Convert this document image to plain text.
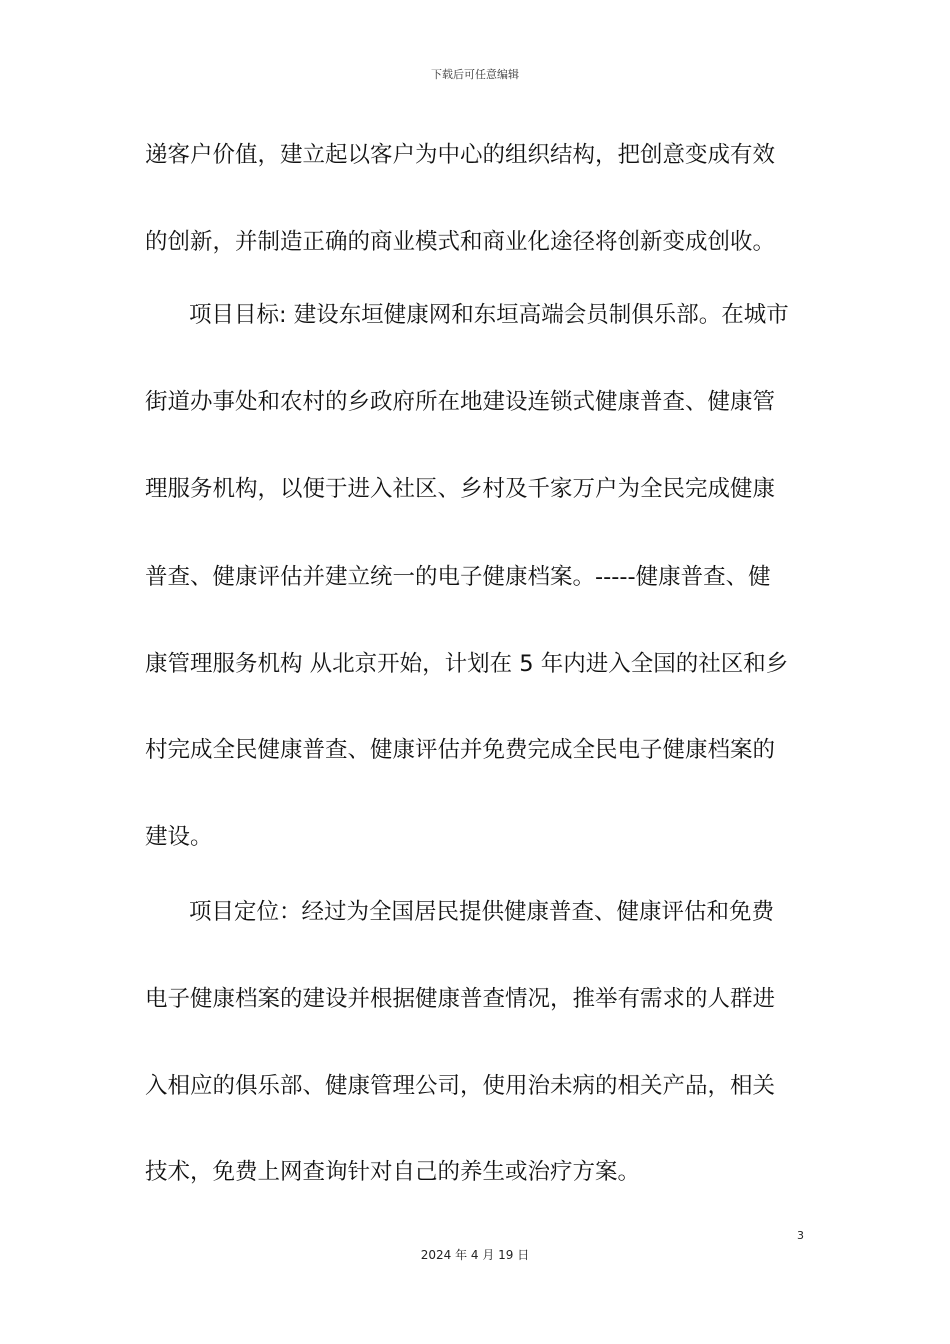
下载后可任意编辑
递客户价值，建立起以客户为中心的组织结构，把创意变成有效
的创新，并制造正确的商业模式和商业化途径将创新变成创收。
项目目标: 建设东垣健康网和东垣高端会员制俱乐部。在城市
街道办事处和农村的乡政府所在地建设连锁式健康普查、健康管
理服务机构，以便于进入社区、乡村及千家万户为全民完成健康
普查、健康评估并建立统一的电子健康档案。-----健康普查、健
康管理服务机构 从北京开始，计划在 5 年内进入全国的社区和乡
村完成全民健康普查、健康评估并免费完成全民电子健康档案的
建设。
项目定位：经过为全国居民提供健康普查、健康评估和免费
电子健康档案的建设并根据健康普查情况，推举有需求的人群进
入相应的俱乐部、健康管理公司，使用治未病的相关产品，相关
技术，免费上网查询针对自己的养生或治疗方案。
3
2024 年 4 月 19 日
